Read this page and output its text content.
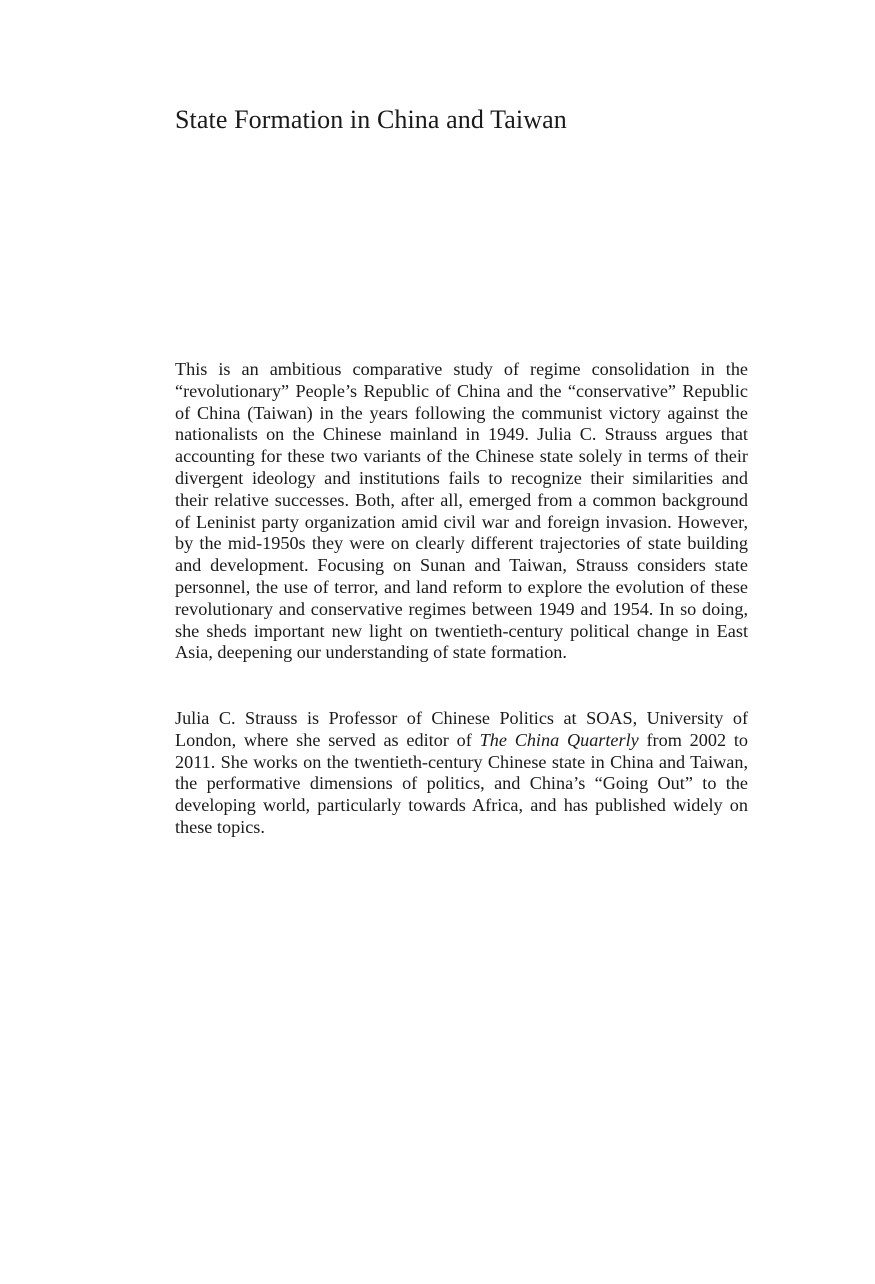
State Formation in China and Taiwan

This is an ambitious comparative study of regime consolidation in the “revolutionary” People’s Republic of China and the “conservative” Republic of China (Taiwan) in the years following the communist victory against the nationalists on the Chinese mainland in 1949. Julia C. Strauss argues that accounting for these two variants of the Chinese state solely in terms of their divergent ideology and institutions fails to recognize their similarities and their relative successes. Both, after all, emerged from a common background of Leninist party organization amid civil war and foreign invasion. However, by the mid-1950s they were on clearly different trajectories of state building and development. Focusing on Sunan and Taiwan, Strauss considers state personnel, the use of terror, and land reform to explore the evolution of these revolutionary and conservative regimes between 1949 and 1954. In so doing, she sheds important new light on twentieth-century political change in East Asia, deepening our understanding of state formation.

Julia C. Strauss is Professor of Chinese Politics at SOAS, University of London, where she served as editor of The China Quarterly from 2002 to 2011. She works on the twentieth-century Chinese state in China and Taiwan, the performative dimensions of politics, and China’s “Going Out” to the developing world, particularly towards Africa, and has published widely on these topics.
